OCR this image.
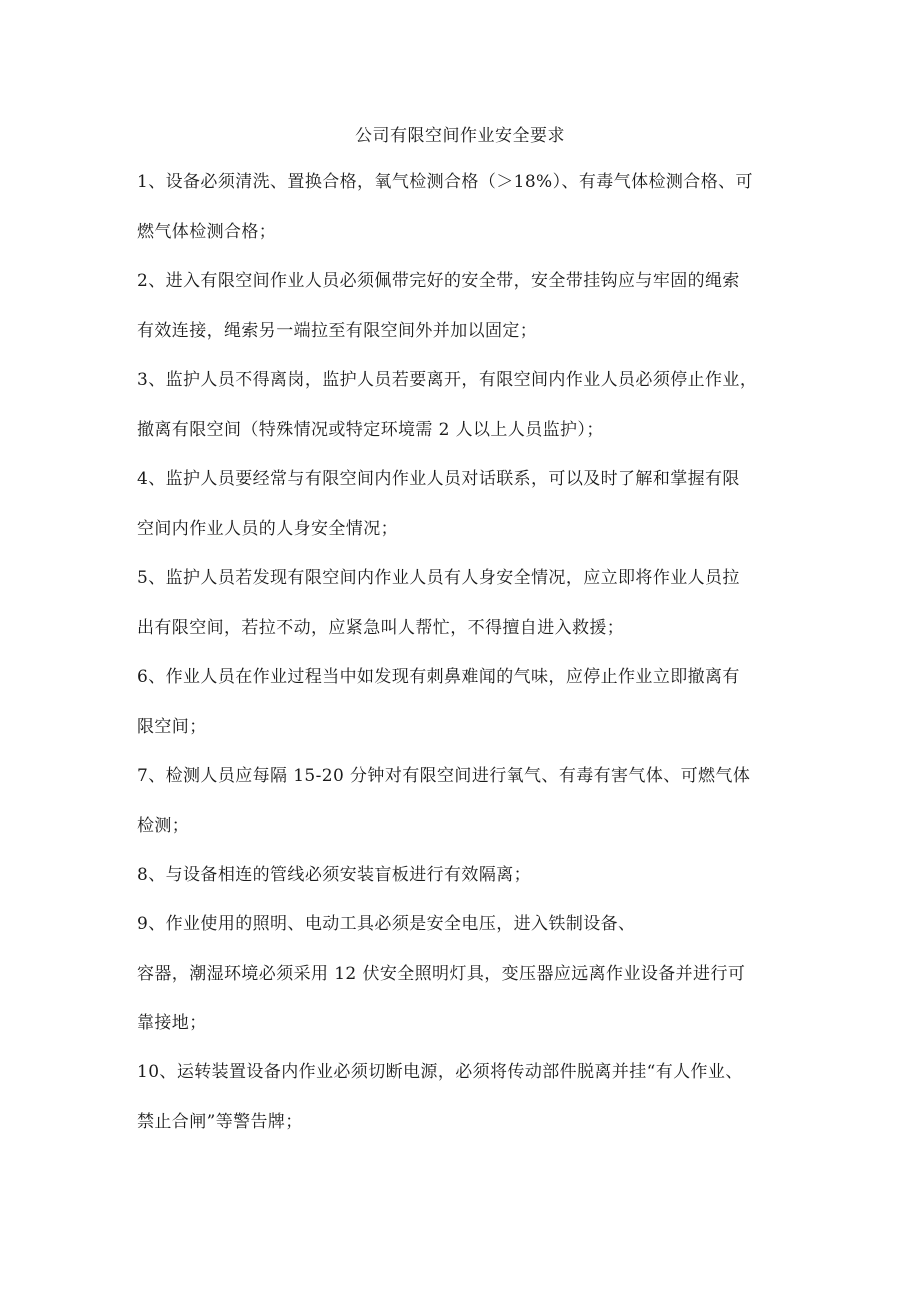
公司有限空间作业安全要求
1、设备必须清洗、置换合格，氧气检测合格（＞18%）、有毒气体检测合格、可
燃气体检测合格；
2、进入有限空间作业人员必须佩带完好的安全带，安全带挂钩应与牢固的绳索
有效连接，绳索另一端拉至有限空间外并加以固定；
3、监护人员不得离岗，监护人员若要离开，有限空间内作业人员必须停止作业，
撤离有限空间（特殊情况或特定环境需 2 人以上人员监护）；
4、监护人员要经常与有限空间内作业人员对话联系，可以及时了解和掌握有限
空间内作业人员的人身安全情况；
5、监护人员若发现有限空间内作业人员有人身安全情况，应立即将作业人员拉
出有限空间，若拉不动，应紧急叫人帮忙，不得擅自进入救援；
6、作业人员在作业过程当中如发现有刺鼻难闻的气味，应停止作业立即撤离有
限空间；
7、检测人员应每隔 15-20 分钟对有限空间进行氧气、有毒有害气体、可燃气体
检测；
8、与设备相连的管线必须安装盲板进行有效隔离；
9、作业使用的照明、电动工具必须是安全电压，进入铁制设备、
容器，潮湿环境必须采用 12 伏安全照明灯具，变压器应远离作业设备并进行可
靠接地；
10、运转装置设备内作业必须切断电源，必须将传动部件脱离并挂“有人作业、
禁止合闸”等警告牌；
